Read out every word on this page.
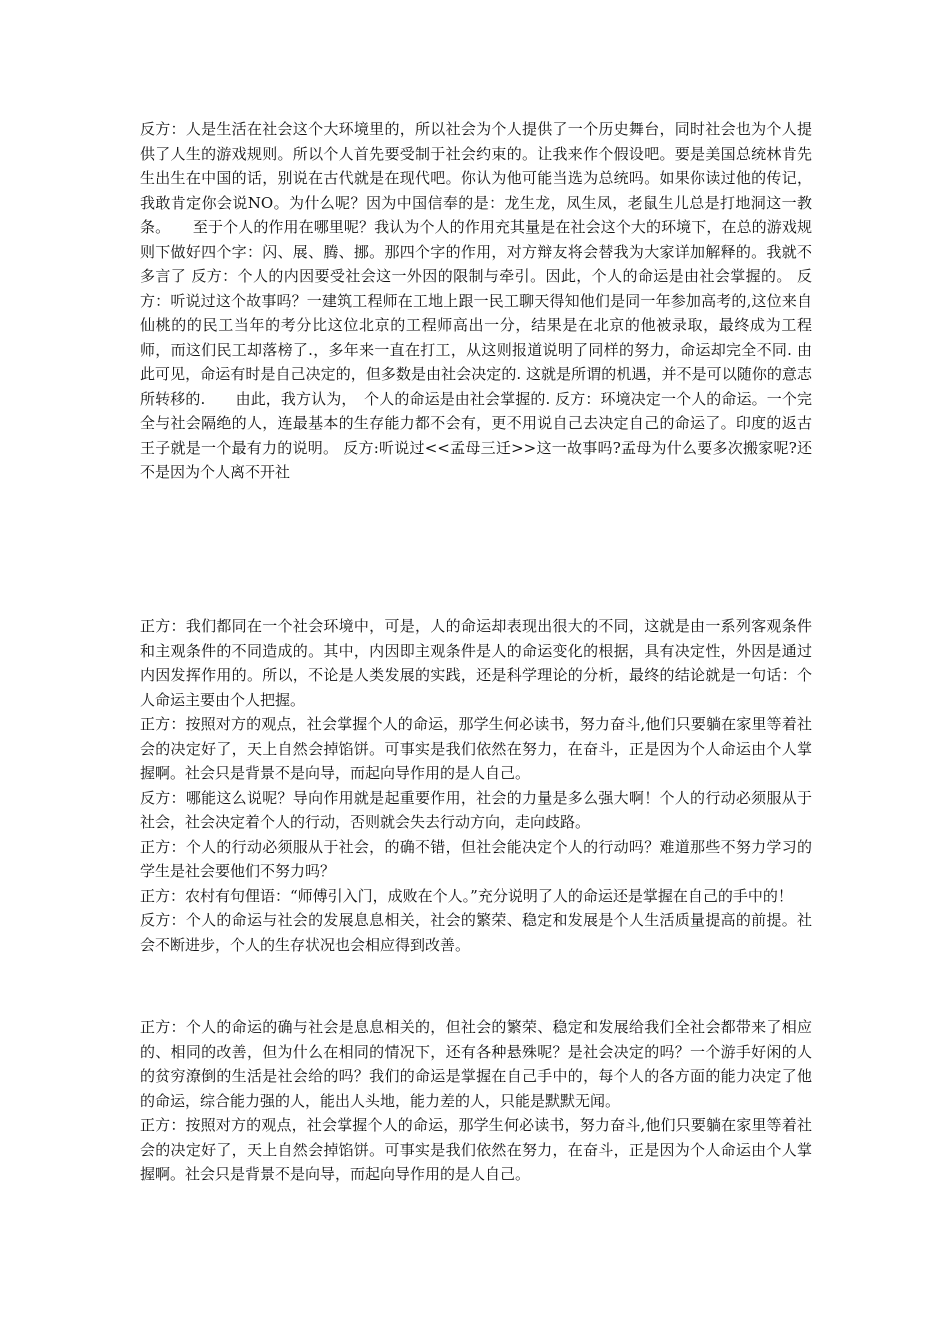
反方：人是生活在社会这个大环境里的，所以社会为个人提供了一个历史舞台，同时社会也为个人提供了人生的游戏规则。所以个人首先要受制于社会约束的。让我来作个假设吧。要是美国总统林肯先生出生在中国的话，别说在古代就是在现代吧。你认为他可能当选为总统吗。如果你读过他的传记，我敢肯定你会说NO。为什么呢？因为中国信奉的是：龙生龙，凤生凤，老鼠生儿总是打地洞这一教条。　　至于个人的作用在哪里呢？我认为个人的作用充其量是在社会这个大的环境下，在总的游戏规则下做好四个字：闪、展、腾、挪。那四个字的作用，对方辩友将会替我为大家详加解释的。我就不多言了 反方：个人的内因要受社会这一外因的限制与牵引。因此，个人的命运是由社会掌握的。 反方：听说过这个故事吗？一建筑工程师在工地上跟一民工聊天得知他们是同一年参加高考的,这位来自仙桃的的民工当年的考分比这位北京的工程师高出一分，结果是在北京的他被录取，最终成为工程师，而这们民工却落榜了.，多年来一直在打工，从这则报道说明了同样的努力，命运却完全不同. 由此可见，命运有时是自己决定的，但多数是由社会决定的. 这就是所谓的机遇，并不是可以随你的意志所转移的.　　由此，我方认为，　个人的命运是由社会掌握的. 反方：环境决定一个人的命运。一个完全与社会隔绝的人，连最基本的生存能力都不会有，更不用说自己去决定自己的命运了。印度的返古王子就是一个最有力的说明。 反方:听说过<<孟母三迁>>这一故事吗?孟母为什么要多次搬家呢?还不是因为个人离不开社

正方：我们都同在一个社会环境中，可是，人的命运却表现出很大的不同，这就是由一系列客观条件和主观条件的不同造成的。其中，内因即主观条件是人的命运变化的根据，具有决定性，外因是通过内因发挥作用的。所以，不论是人类发展的实践，还是科学理论的分析，最终的结论就是一句话：个人命运主要由个人把握。

正方：按照对方的观点，社会掌握个人的命运，那学生何必读书，努力奋斗,他们只要躺在家里等着社会的决定好了，天上自然会掉馅饼。可事实是我们依然在努力，在奋斗，正是因为个人命运由个人掌握啊。社会只是背景不是向导，而起向导作用的是人自己。

反方：哪能这么说呢？导向作用就是起重要作用，社会的力量是多么强大啊！个人的行动必须服从于社会，社会决定着个人的行动，否则就会失去行动方向，走向歧路。

正方：个人的行动必须服从于社会，的确不错，但社会能决定个人的行动吗？难道那些不努力学习的学生是社会要他们不努力吗？

正方：农村有句俚语：“师傅引入门，成败在个人。”充分说明了人的命运还是掌握在自己的手中的！

反方：个人的命运与社会的发展息息相关，社会的繁荣、稳定和发展是个人生活质量提高的前提。社会不断进步，个人的生存状况也会相应得到改善。

正方：个人的命运的确与社会是息息相关的，但社会的繁荣、稳定和发展给我们全社会都带来了相应的、相同的改善，但为什么在相同的情况下，还有各种悬殊呢？是社会决定的吗？一个游手好闲的人的贫穷潦倒的生活是社会给的吗？我们的命运是掌握在自己手中的，每个人的各方面的能力决定了他的命运，综合能力强的人，能出人头地，能力差的人，只能是默默无闻。

正方：按照对方的观点，社会掌握个人的命运，那学生何必读书，努力奋斗,他们只要躺在家里等着社会的决定好了，天上自然会掉馅饼。可事实是我们依然在努力，在奋斗，正是因为个人命运由个人掌握啊。社会只是背景不是向导，而起向导作用的是人自己。
